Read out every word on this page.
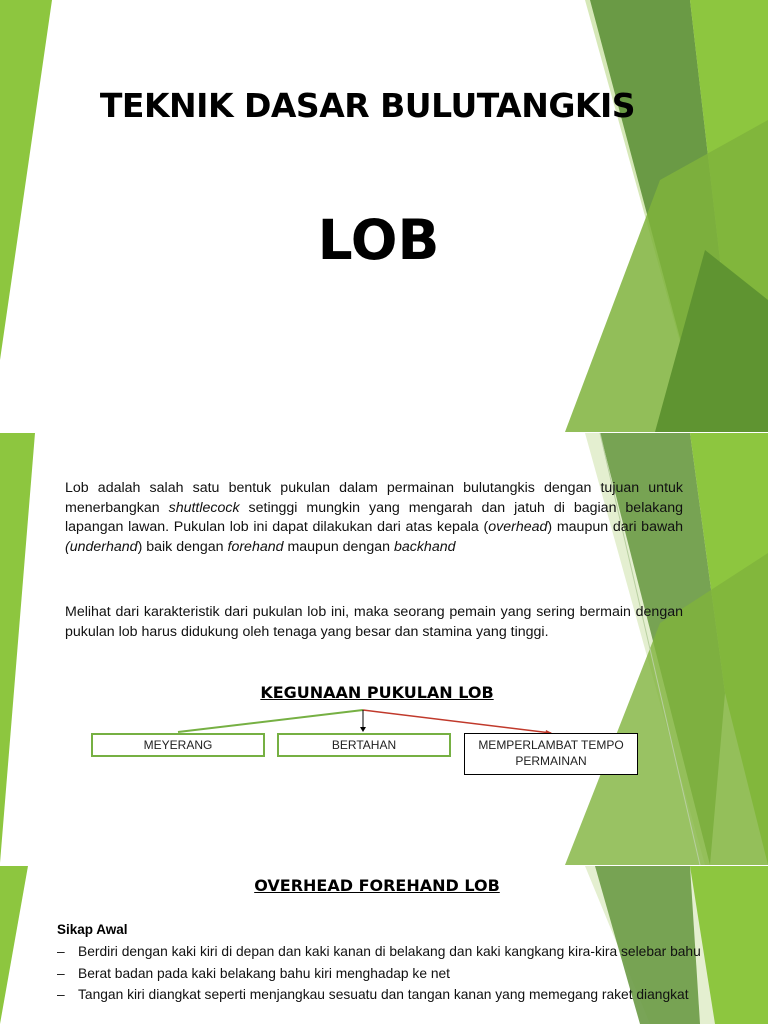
TEKNIK DASAR BULUTANGKIS
LOB
Lob adalah salah satu bentuk pukulan dalam permainan bulutangkis dengan tujuan untuk menerbangkan shuttlecock setinggi mungkin yang mengarah dan jatuh di bagian belakang lapangan lawan. Pukulan lob ini dapat dilakukan dari atas kepala (overhead) maupun dari bawah (underhand) baik dengan forehand maupun dengan backhand
Melihat dari karakteristik dari pukulan lob ini, maka seorang pemain yang sering bermain dengan pukulan lob harus didukung oleh tenaga yang besar dan stamina yang tinggi.
KEGUNAAN PUKULAN LOB
MEYERANG	BERTAHAN	MEMPERLAMBAT TEMPO PERMAINAN
OVERHEAD FOREHAND LOB
Sikap Awal
– Berdiri dengan kaki kiri di depan dan kaki kanan di belakang dan kaki kangkang kira-kira selebar bahu
– Berat badan pada kaki belakang bahu kiri menghadap ke net
– Tangan kiri diangkat seperti menjangkau sesuatu dan tangan kanan yang memegang raket diangkat
